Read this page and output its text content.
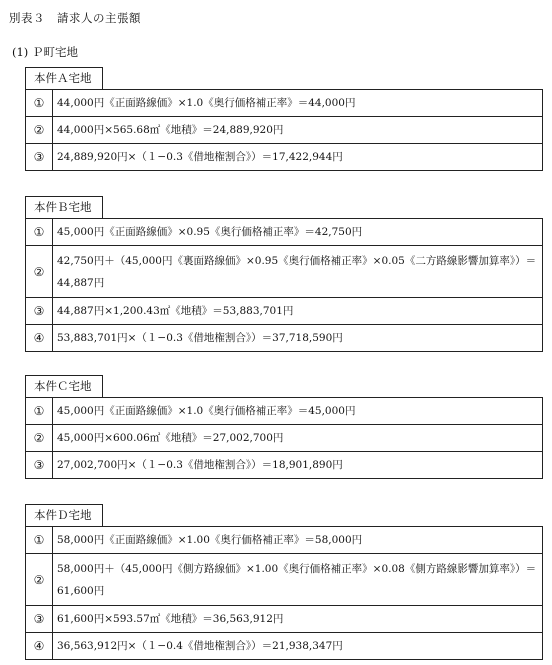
別表３　請求人の主張額
(1) Ｐ町宅地
本件Ａ宅地
①	44,000円《正面路線価》×1.0《奥行価格補正率》＝44,000円
②	44,000円×565.68㎡《地積》＝24,889,920円
③	24,889,920円×（１−0.3《借地権割合》）＝17,422,944円
本件Ｂ宅地
①	45,000円《正面路線価》×0.95《奥行価格補正率》＝42,750円
②	42,750円＋（45,000円《裏面路線価》×0.95《奥行価格補正率》×0.05《二方路線影響加算率》）＝44,887円
③	44,887円×1,200.43㎡《地積》＝53,883,701円
④	53,883,701円×（１−0.3《借地権割合》）＝37,718,590円
本件Ｃ宅地
①	45,000円《正面路線価》×1.0《奥行価格補正率》＝45,000円
②	45,000円×600.06㎡《地積》＝27,002,700円
③	27,002,700円×（１−0.3《借地権割合》）＝18,901,890円
本件Ｄ宅地
①	58,000円《正面路線価》×1.00《奥行価格補正率》＝58,000円
②	58,000円＋（45,000円《側方路線価》×1.00《奥行価格補正率》×0.08《側方路線影響加算率》）＝61,600円
③	61,600円×593.57㎡《地積》＝36,563,912円
④	36,563,912円×（１−0.4《借地権割合》）＝21,938,347円
